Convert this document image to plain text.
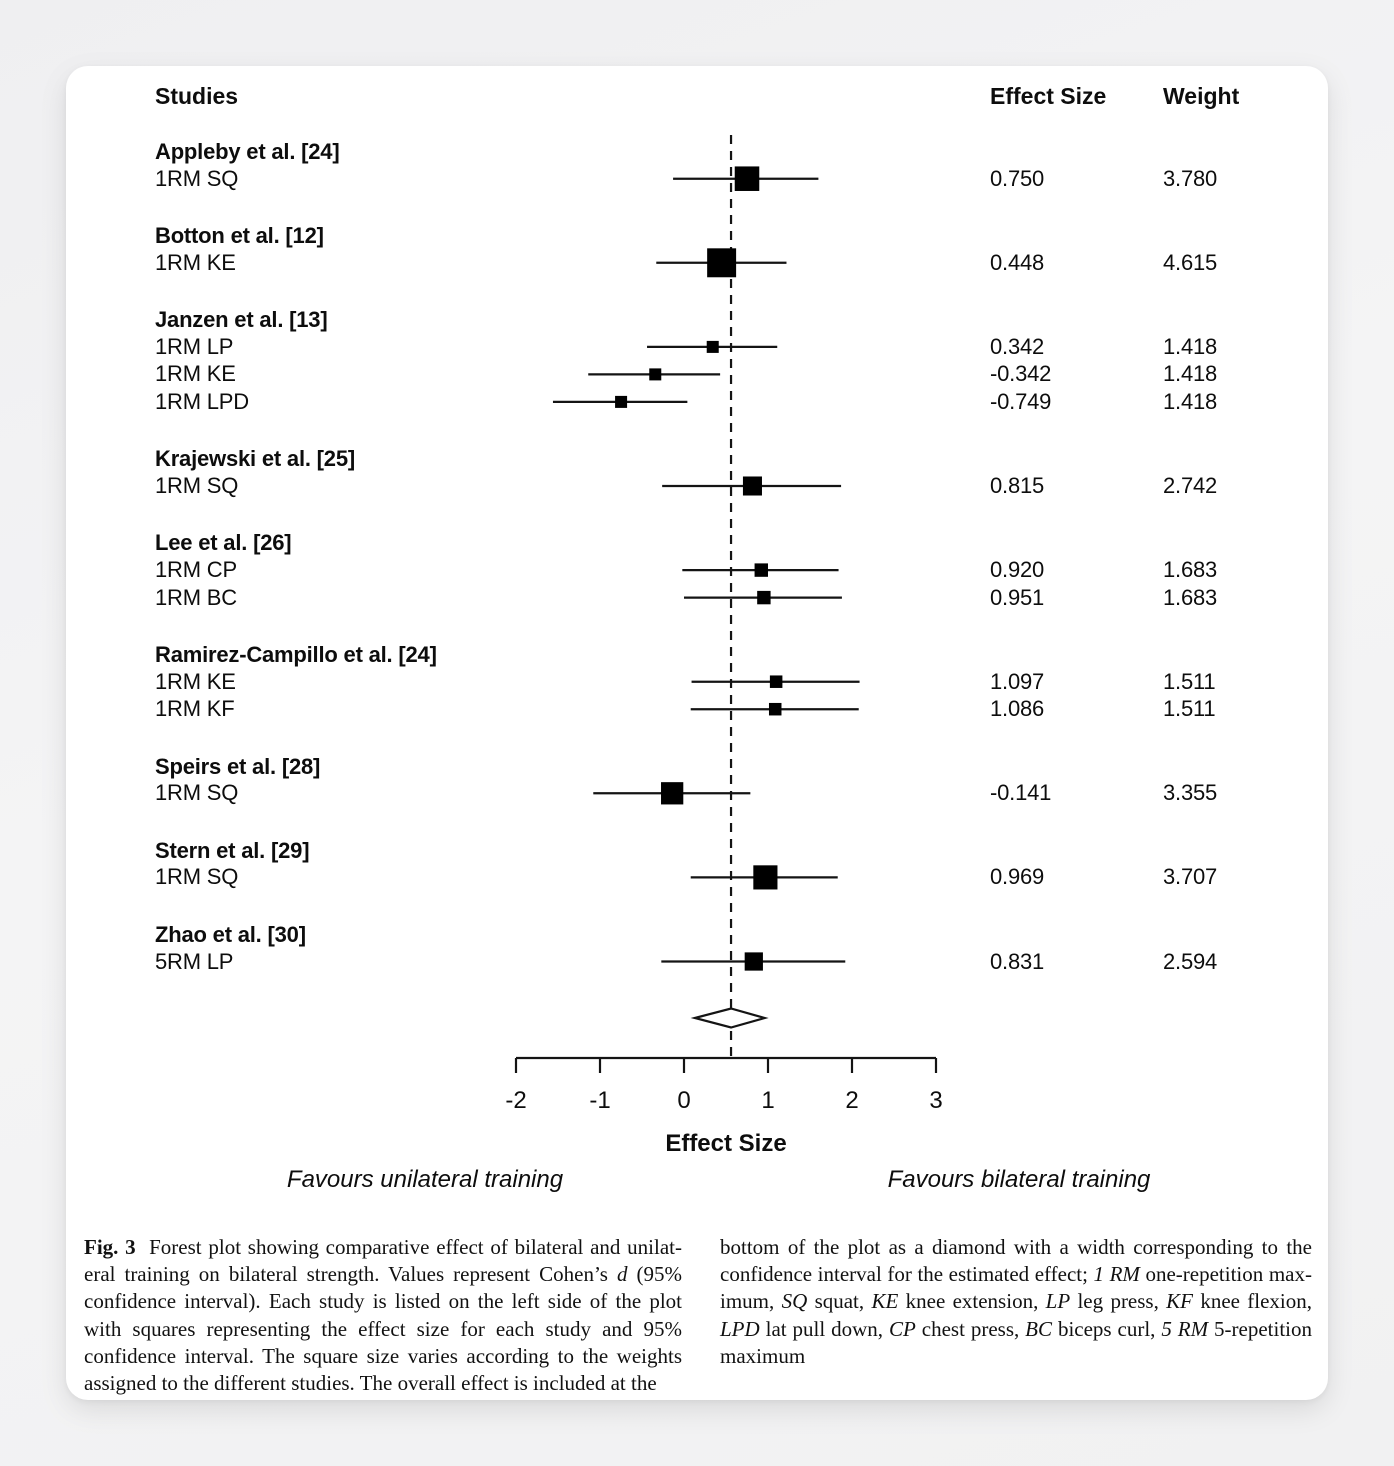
Studies	Effect Size Weight
Appleby et al. [24]
1RM SQ	0.750	3.780
Botton et al. [12]
1RM KE	0.448	4.615
Janzen et al. [13]
1RM LP	0.342	1.418
1RM KE	-0.342	1.418
1RM LPD	-0.749	1.418
Krajewski et al. [25]
1RM SQ	0.815	2.742
Lee et al. [26]
1RM CP	0.920	1.683
1RM BC	0.951	1.683
Ramirez-Campillo et al. [24]
1RM KE	1.097	1.511
1RM KF	1.086	1.511
Speirs et al. [28]
1RM SQ	-0.141	3.355
Stern et al. [29]
1RM SQ	0.969	3.707
Zhao et al. [30]
5RM LP	0.831	2.594
-2	-1	0	1	2	3
Effect Size
Favours unilateral training	Favours bilateral training
Fig. 3  Forest plot showing comparative effect of bilateral and unilateral training on bilateral strength. Values represent Cohen’s d (95% confidence interval). Each study is listed on the left side of the plot with squares representing the effect size for each study and 95% confidence interval. The square size varies according to the weights assigned to the different studies. The overall effect is included at the
bottom of the plot as a diamond with a width corresponding to the confidence interval for the estimated effect; 1 RM one-repetition maximum, SQ squat, KE knee extension, LP leg press, KF knee flexion, LPD lat pull down, CP chest press, BC biceps curl, 5 RM 5-repetition maximum
